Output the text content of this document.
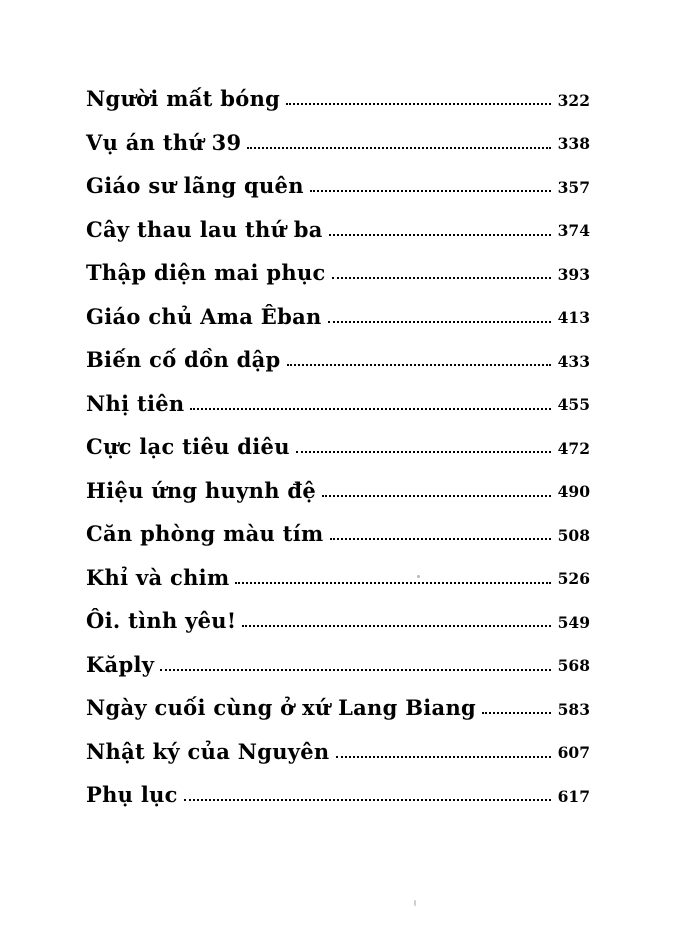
Người mất bóng	322
Vụ án thứ 39	338
Giáo sư lãng quên	357
Cây thau lau thứ ba	374
Thập diện mai phục	393
Giáo chủ Ama Êban	413
Biến cố dồn dập	433
Nhị tiên	455
Cực lạc tiêu diêu	472
Hiệu ứng huynh đệ	490
Căn phòng màu tím	508
Khỉ và chim	526
Ôi. tình yêu!	549
Kăply	568
Ngày cuối cùng ở xứ Lang Biang	583
Nhật ký của Nguyên	607
Phụ lục	617
